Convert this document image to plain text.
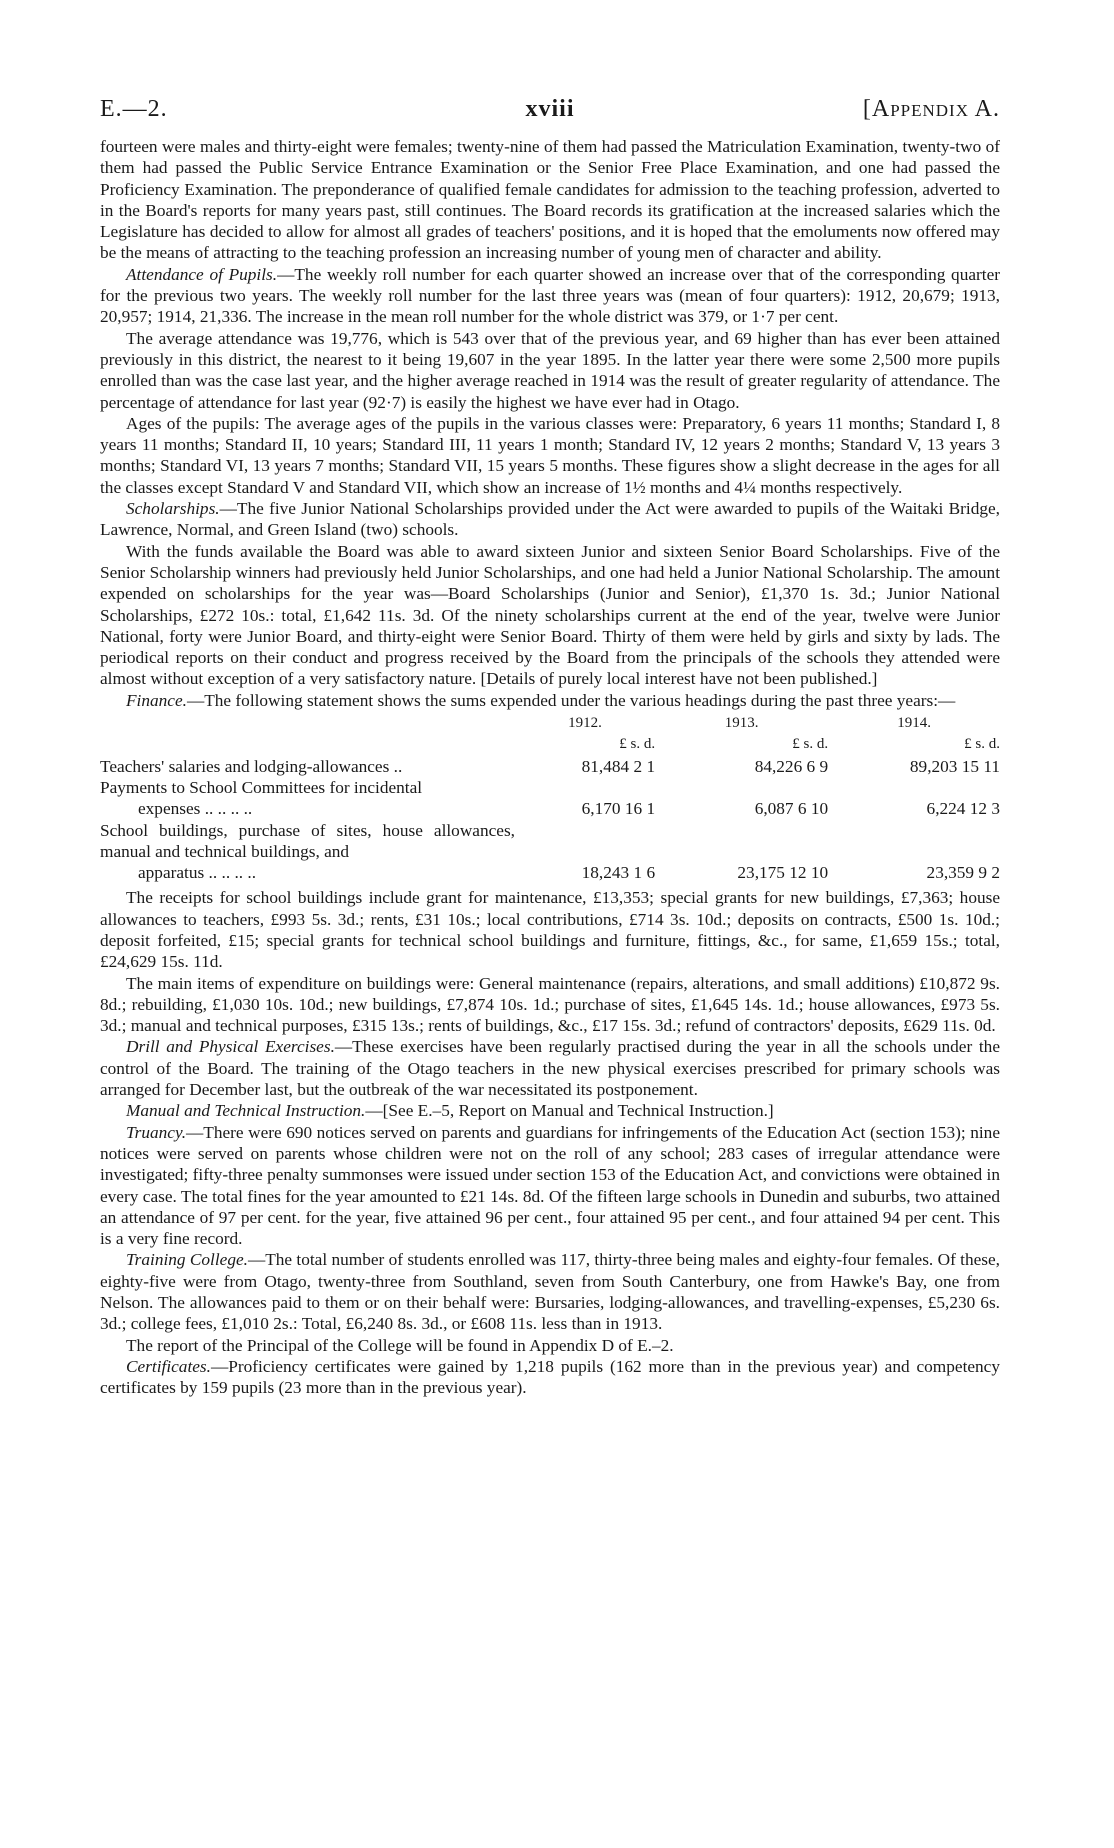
E.—2.	xviii	[Appendix A.

fourteen were males and thirty-eight were females; twenty-nine of them had passed the Matriculation Examination, twenty-two of them had passed the Public Service Entrance Examination or the Senior Free Place Examination, and one had passed the Proficiency Examination. The preponderance of qualified female candidates for admission to the teaching profession, adverted to in the Board's reports for many years past, still continues. The Board records its gratification at the increased salaries which the Legislature has decided to allow for almost all grades of teachers' positions, and it is hoped that the emoluments now offered may be the means of attracting to the teaching profession an increasing number of young men of character and ability.

Attendance of Pupils.—The weekly roll number for each quarter showed an increase over that of the corresponding quarter for the previous two years. The weekly roll number for the last three years was (mean of four quarters): 1912, 20,679; 1913, 20,957; 1914, 21,336. The increase in the mean roll number for the whole district was 379, or 1·7 per cent.

The average attendance was 19,776, which is 543 over that of the previous year, and 69 higher than has ever been attained previously in this district, the nearest to it being 19,607 in the year 1895. In the latter year there were some 2,500 more pupils enrolled than was the case last year, and the higher average reached in 1914 was the result of greater regularity of attendance. The percentage of attendance for last year (92·7) is easily the highest we have ever had in Otago.

Ages of the pupils: The average ages of the pupils in the various classes were: Preparatory, 6 years 11 months; Standard I, 8 years 11 months; Standard II, 10 years; Standard III, 11 years 1 month; Standard IV, 12 years 2 months; Standard V, 13 years 3 months; Standard VI, 13 years 7 months; Standard VII, 15 years 5 months. These figures show a slight decrease in the ages for all the classes except Standard V and Standard VII, which show an increase of 1½ months and 4¼ months respectively.

Scholarships.—The five Junior National Scholarships provided under the Act were awarded to pupils of the Waitaki Bridge, Lawrence, Normal, and Green Island (two) schools.

With the funds available the Board was able to award sixteen Junior and sixteen Senior Board Scholarships. Five of the Senior Scholarship winners had previously held Junior Scholarships, and one had held a Junior National Scholarship. The amount expended on scholarships for the year was—Board Scholarships (Junior and Senior), £1,370 1s. 3d.; Junior National Scholarships, £272 10s.: total, £1,642 11s. 3d. Of the ninety scholarships current at the end of the year, twelve were Junior National, forty were Junior Board, and thirty-eight were Senior Board. Thirty of them were held by girls and sixty by lads. The periodical reports on their conduct and progress received by the Board from the principals of the schools they attended were almost without exception of a very satisfactory nature. [Details of purely local interest have not been published.]

Finance.—The following statement shows the sums expended under the various headings during the past three years:—

	1912.	1913.	1914.
	£ s. d.	£ s. d.	£ s. d.
Teachers' salaries and lodging-allowances ..	81,484 2 1	84,226 6 9	89,203 15 11

Payments to School Committees for incidental
expenses .. .. .. ..	6,170 16 1	6,087 6 10	6,224 12 3

School buildings, purchase of sites, house allowances, manual and technical buildings, and
apparatus .. .. .. ..	18,243 1 6	23,175 12 10	23,359 9 2

The receipts for school buildings include grant for maintenance, £13,353; special grants for new buildings, £7,363; house allowances to teachers, £993 5s. 3d.; rents, £31 10s.; local contributions, £714 3s. 10d.; deposits on contracts, £500 1s. 10d.; deposit forfeited, £15; special grants for technical school buildings and furniture, fittings, &c., for same, £1,659 15s.; total, £24,629 15s. 11d.

The main items of expenditure on buildings were: General maintenance (repairs, alterations, and small additions) £10,872 9s. 8d.; rebuilding, £1,030 10s. 10d.; new buildings, £7,874 10s. 1d.; purchase of sites, £1,645 14s. 1d.; house allowances, £973 5s. 3d.; manual and technical purposes, £315 13s.; rents of buildings, &c., £17 15s. 3d.; refund of contractors' deposits, £629 11s. 0d.

Drill and Physical Exercises.—These exercises have been regularly practised during the year in all the schools under the control of the Board. The training of the Otago teachers in the new physical exercises prescribed for primary schools was arranged for December last, but the outbreak of the war necessitated its postponement.

Manual and Technical Instruction.—[See E.–5, Report on Manual and Technical Instruction.]

Truancy.—There were 690 notices served on parents and guardians for infringements of the Education Act (section 153); nine notices were served on parents whose children were not on the roll of any school; 283 cases of irregular attendance were investigated; fifty-three penalty summonses were issued under section 153 of the Education Act, and convictions were obtained in every case. The total fines for the year amounted to £21 14s. 8d. Of the fifteen large schools in Dunedin and suburbs, two attained an attendance of 97 per cent. for the year, five attained 96 per cent., four attained 95 per cent., and four attained 94 per cent. This is a very fine record.

Training College.—The total number of students enrolled was 117, thirty-three being males and eighty-four females. Of these, eighty-five were from Otago, twenty-three from Southland, seven from South Canterbury, one from Hawke's Bay, one from Nelson. The allowances paid to them or on their behalf were: Bursaries, lodging-allowances, and travelling-expenses, £5,230 6s. 3d.; college fees, £1,010 2s.: Total, £6,240 8s. 3d., or £608 11s. less than in 1913.

The report of the Principal of the College will be found in Appendix D of E.–2.

Certificates.—Proficiency certificates were gained by 1,218 pupils (162 more than in the previous year) and competency certificates by 159 pupils (23 more than in the previous year).
